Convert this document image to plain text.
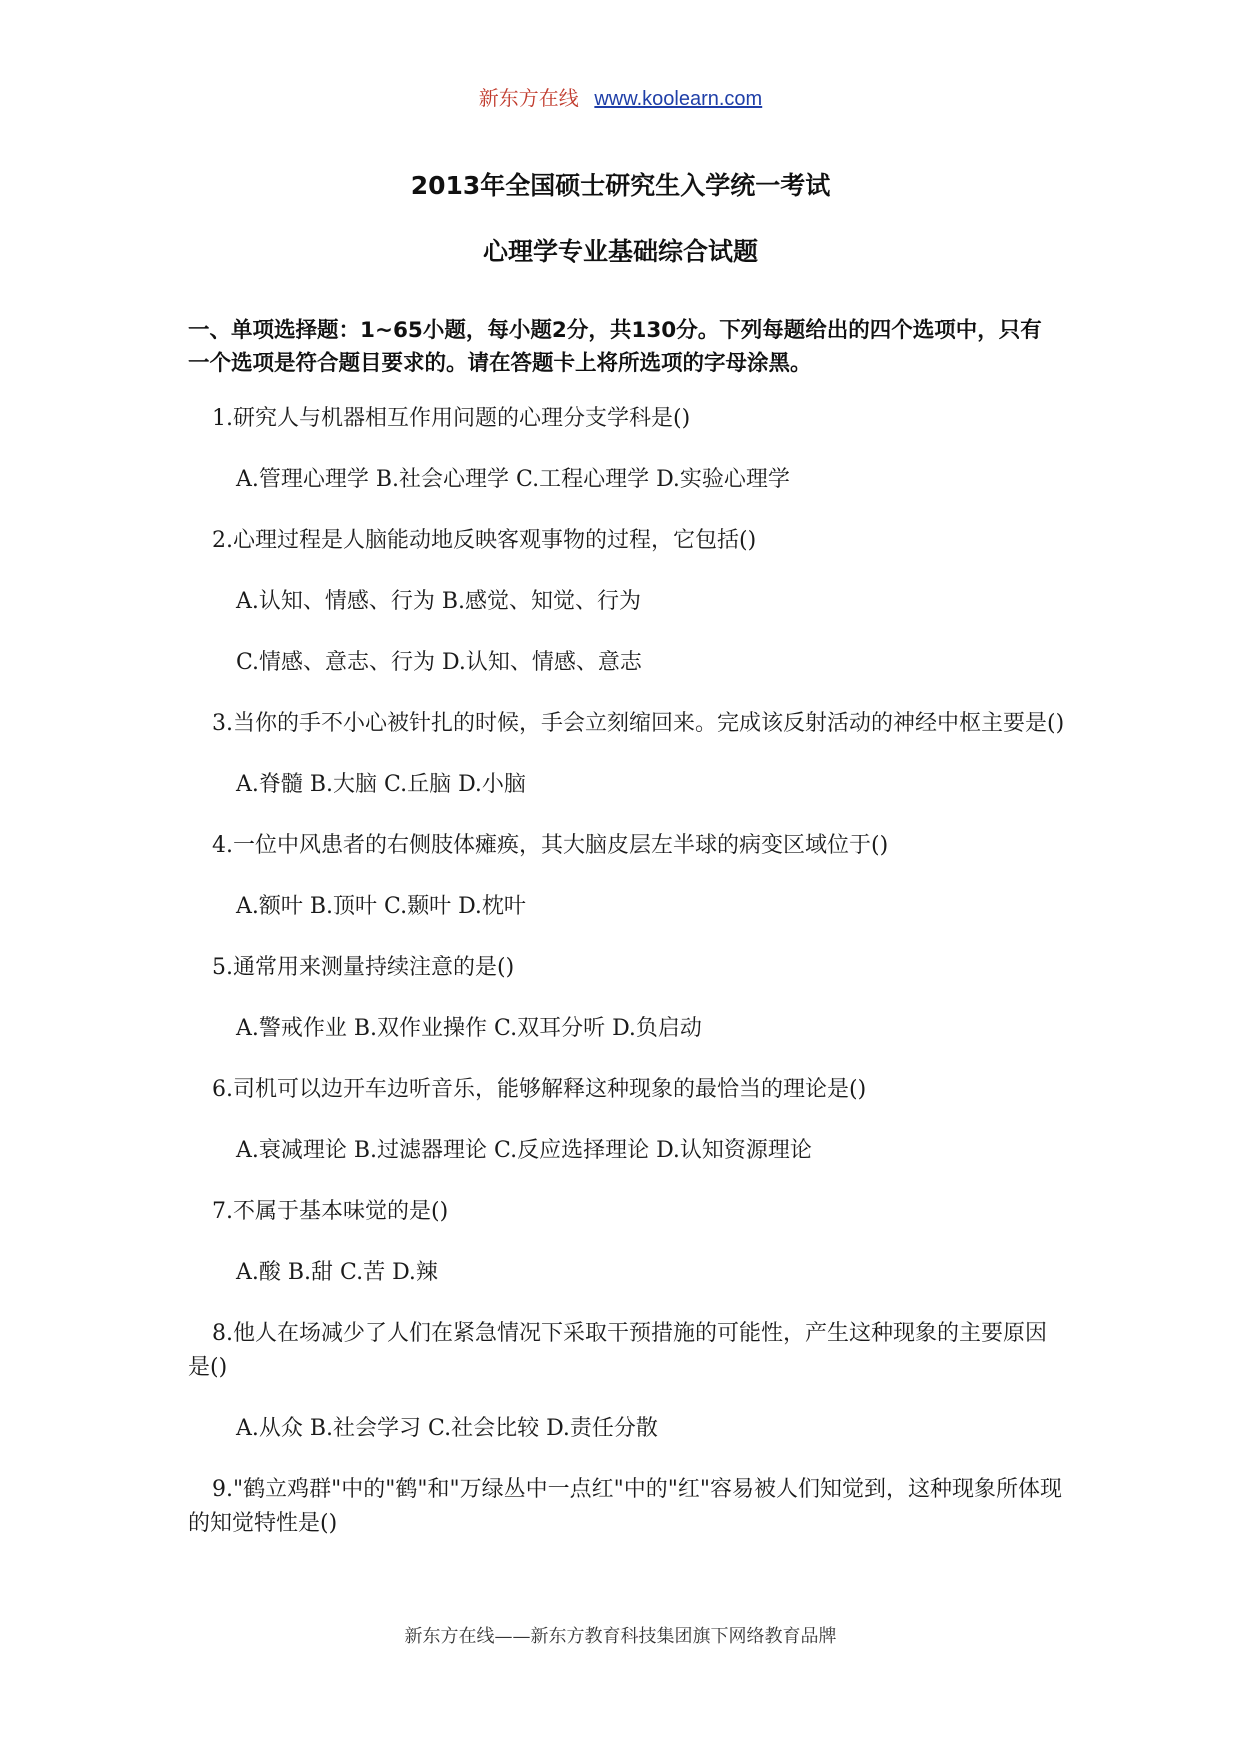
新东方在线 www.koolearn.com
2013年全国硕士研究生入学统一考试
心理学专业基础综合试题
一、单项选择题：1~65小题，每小题2分，共130分。下列每题给出的四个选项中，只有一个选项是符合题目要求的。请在答题卡上将所选项的字母涂黑。
1.研究人与机器相互作用问题的心理分支学科是()
A.管理心理学 B.社会心理学 C.工程心理学 D.实验心理学
2.心理过程是人脑能动地反映客观事物的过程，它包括()
A.认知、情感、行为 B.感觉、知觉、行为
C.情感、意志、行为 D.认知、情感、意志
3.当你的手不小心被针扎的时候，手会立刻缩回来。完成该反射活动的神经中枢主要是()
A.脊髓 B.大脑 C.丘脑 D.小脑
4.一位中风患者的右侧肢体瘫痪，其大脑皮层左半球的病变区域位于()
A.额叶 B.顶叶 C.颞叶 D.枕叶
5.通常用来测量持续注意的是()
A.警戒作业 B.双作业操作 C.双耳分听 D.负启动
6.司机可以边开车边听音乐，能够解释这种现象的最恰当的理论是()
A.衰减理论 B.过滤器理论 C.反应选择理论 D.认知资源理论
7.不属于基本味觉的是()
A.酸 B.甜 C.苦 D.辣
8.他人在场减少了人们在紧急情况下采取干预措施的可能性，产生这种现象的主要原因是()
A.从众 B.社会学习 C.社会比较 D.责任分散
9."鹤立鸡群"中的"鹤"和"万绿丛中一点红"中的"红"容易被人们知觉到，这种现象所体现的知觉特性是()
新东方在线——新东方教育科技集团旗下网络教育品牌
